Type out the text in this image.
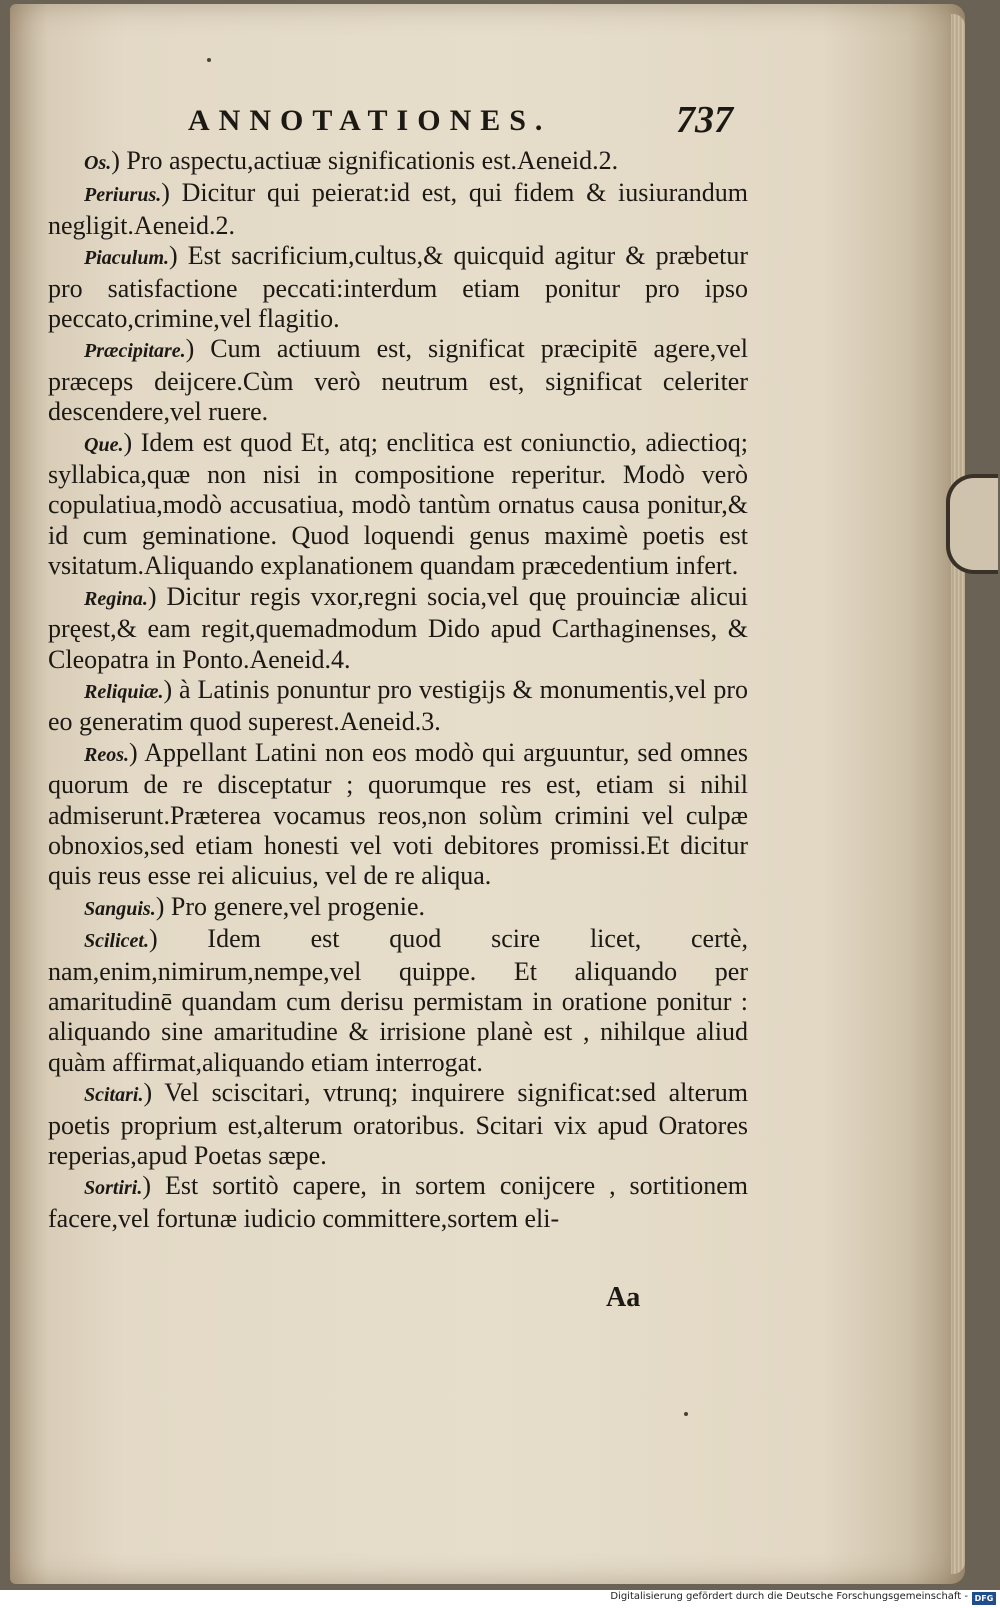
ANNOTATIONES.	737

Os.) Pro aspectu,actiuæ significationis est.Aeneid.2.

Periurus.) Dicitur qui peierat:id est, qui fidem & iusiurandum negligit.Aeneid.2.

Piaculum.) Est sacrificium,cultus,& quicquid agitur & præbetur pro satisfactione peccati:interdum etiam ponitur pro ipso peccato,crimine,vel flagitio.

Præcipitare.) Cum actiuum est, significat præcipitē agere,vel præceps deijcere.Cùm verò neutrum est, significat celeriter descendere,vel ruere.

Que.) Idem est quod Et, atq; enclitica est coniunctio, adiectioq; syllabica,quæ non nisi in compositione reperitur. Modò verò copulatiua,modò accusatiua, modò tantùm ornatus causa ponitur,& id cum geminatione. Quod loquendi genus maximè poetis est vsitatum.Aliquando explanationem quandam præcedentium infert.

Regina.) Dicitur regis vxor,regni socia,vel quę prouinciæ alicui pręest,& eam regit,quemadmodum Dido apud Carthaginenses, & Cleopatra in Ponto.Aeneid.4.

Reliquiæ.) à Latinis ponuntur pro vestigijs & monumentis,vel pro eo generatim quod superest.Aeneid.3.

Reos.) Appellant Latini non eos modò qui arguuntur, sed omnes quorum de re disceptatur ; quorumque res est, etiam si nihil admiserunt.Præterea vocamus reos,non solùm crimini vel culpæ obnoxios,sed etiam honesti vel voti debitores promissi.Et dicitur quis reus esse rei alicuius, vel de re aliqua.

Sanguis.) Pro genere,vel progenie.

Scilicet.) Idem est quod scire licet, certè, nam,enim,nimirum,nempe,vel quippe. Et aliquando per amaritudinē quandam cum derisu permistam in oratione ponitur : aliquando sine amaritudine & irrisione planè est , nihilque aliud quàm affirmat,aliquando etiam interrogat.

Scitari.) Vel sciscitari, vtrunq; inquirere significat:sed alterum poetis proprium est,alterum oratoribus. Scitari vix apud Oratores reperias,apud Poetas sæpe.

Sortiri.) Est sortitò capere, in sortem conijcere , sortitionem facere,vel fortunæ iudicio committere,sortem eli-

Aa
Digitalisierung gefördert durch die Deutsche Forschungsgemeinschaft - DFG
